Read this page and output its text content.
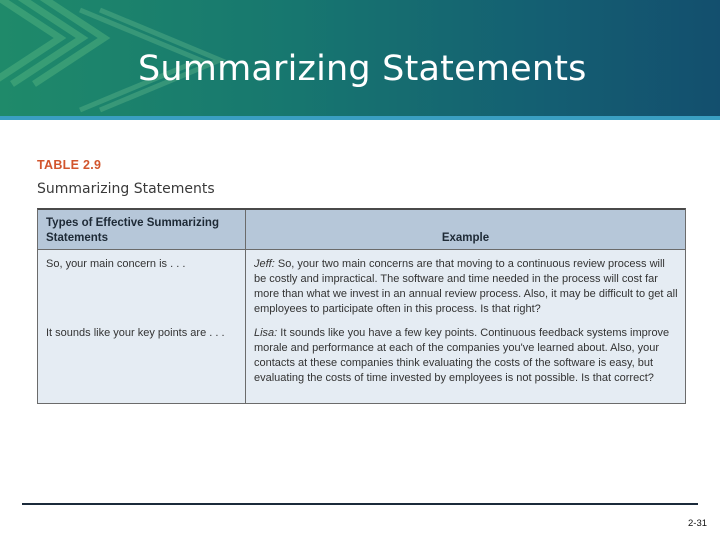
Summarizing Statements
TABLE 2.9
Summarizing Statements
Types of Effective Summarizing Statements	Example
So, your main concern is . . .	Jeff: So, your two main concerns are that moving to a continuous review process will be costly and impractical. The software and time needed in the process will cost far more than what we invest in an annual review process. Also, it may be difficult to get all employees to participate often in this process. Is that right?
It sounds like your key points are . . .	Lisa: It sounds like you have a few key points. Continuous feedback systems improve morale and performance at each of the companies you've learned about. Also, your contacts at these companies think evaluating the costs of the software is easy, but evaluating the costs of time invested by employees is not possible. Is that correct?
2-31
